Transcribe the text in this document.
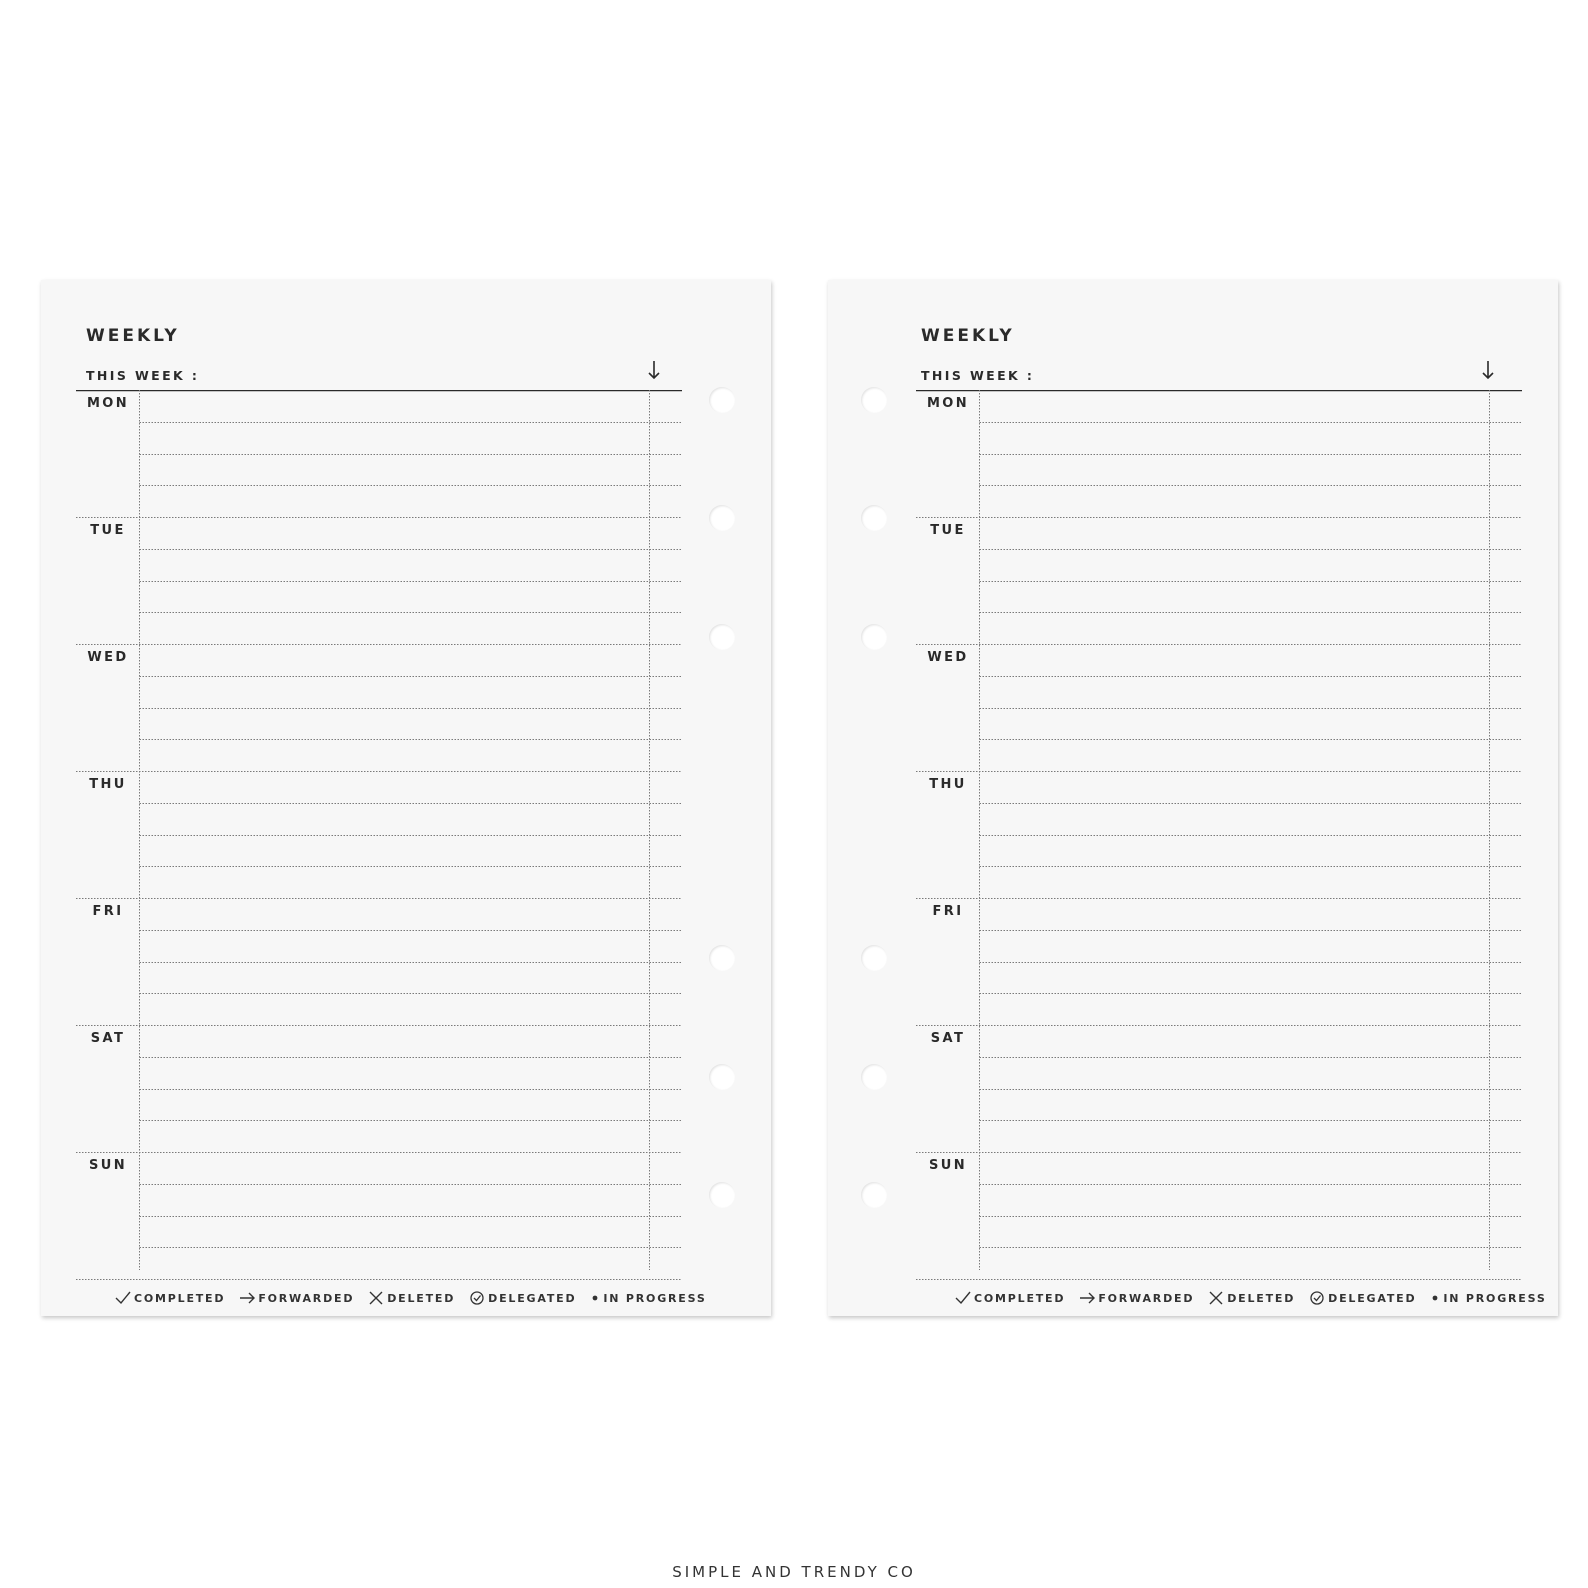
WEEKLY
THIS WEEK :
MON
TUE
WED
THU
FRI
SAT
SUN
COMPLETED	FORWARDED	DELETED	DELEGATED IN PROGRESS
WEEKLY
THIS WEEK :
MON
TUE
WED
THU
FRI
SAT
SUN
COMPLETED	FORWARDED	DELETED	DELEGATED IN PROGRESS
SIMPLE AND TRENDY CO
